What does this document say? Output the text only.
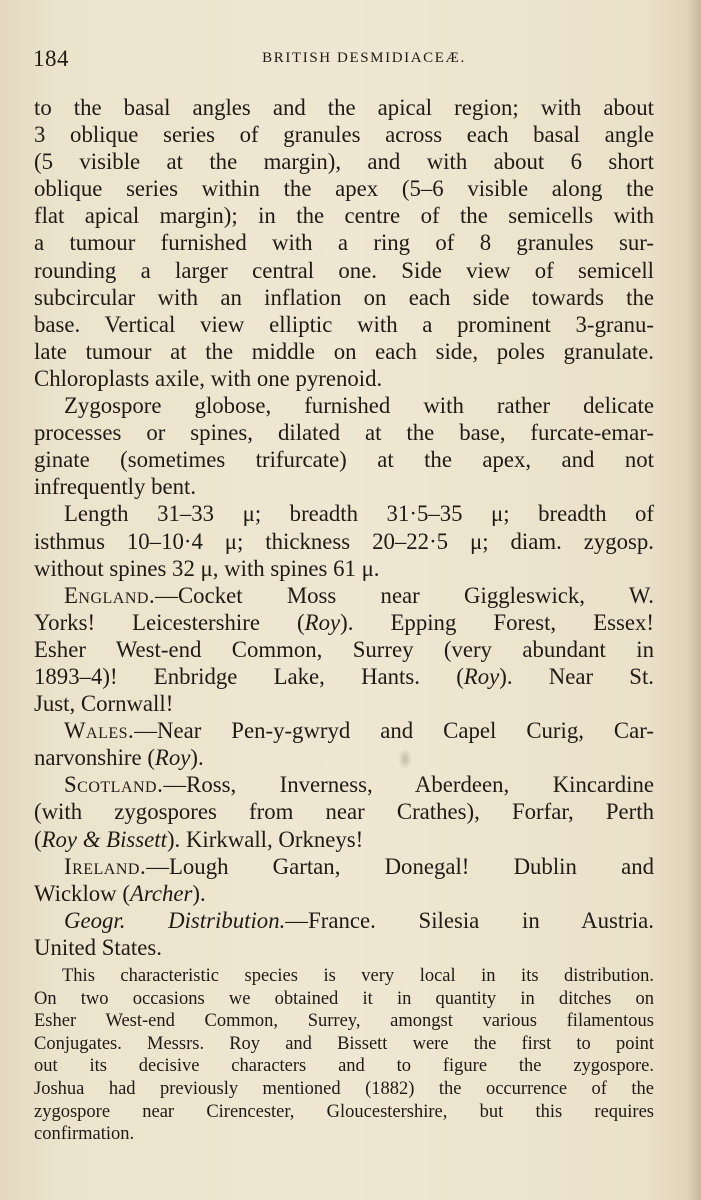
184	BRITISH DESMIDIACEÆ.
to the basal angles and the apical region; with about
3 oblique series of granules across each basal angle
(5 visible at the margin), and with about 6 short
oblique series within the apex (5–6 visible along the
flat apical margin); in the centre of the semicells with
a tumour furnished with a ring of 8 granules sur-
rounding a larger central one. Side view of semicell
subcircular with an inflation on each side towards the
base. Vertical view elliptic with a prominent 3-granu-
late tumour at the middle on each side, poles granulate.
Chloroplasts axile, with one pyrenoid.
Zygospore globose, furnished with rather delicate
processes or spines, dilated at the base, furcate-emar-
ginate (sometimes trifurcate) at the apex, and not
infrequently bent.
Length 31–33 μ; breadth 31·5–35 μ; breadth of
isthmus 10–10·4 μ; thickness 20–22·5 μ; diam. zygosp.
without spines 32 μ, with spines 61 μ.
England.—Cocket Moss near Giggleswick, W.
Yorks! Leicestershire (Roy). Epping Forest, Essex!
Esher West-end Common, Surrey (very abundant in
1893–4)! Enbridge Lake, Hants. (Roy). Near St.
Just, Cornwall!
Wales.—Near Pen-y-gwryd and Capel Curig, Car-
narvonshire (Roy).
Scotland.—Ross, Inverness, Aberdeen, Kincardine
(with zygospores from near Crathes), Forfar, Perth
(Roy & Bissett). Kirkwall, Orkneys!
Ireland.—Lough Gartan, Donegal! Dublin and
Wicklow (Archer).
Geogr. Distribution.—France. Silesia in Austria.
United States.
This characteristic species is very local in its distribution.
On two occasions we obtained it in quantity in ditches on
Esher West-end Common, Surrey, amongst various filamentous
Conjugates. Messrs. Roy and Bissett were the first to point
out its decisive characters and to figure the zygospore.
Joshua had previously mentioned (1882) the occurrence of the
zygospore near Cirencester, Gloucestershire, but this requires
confirmation.
